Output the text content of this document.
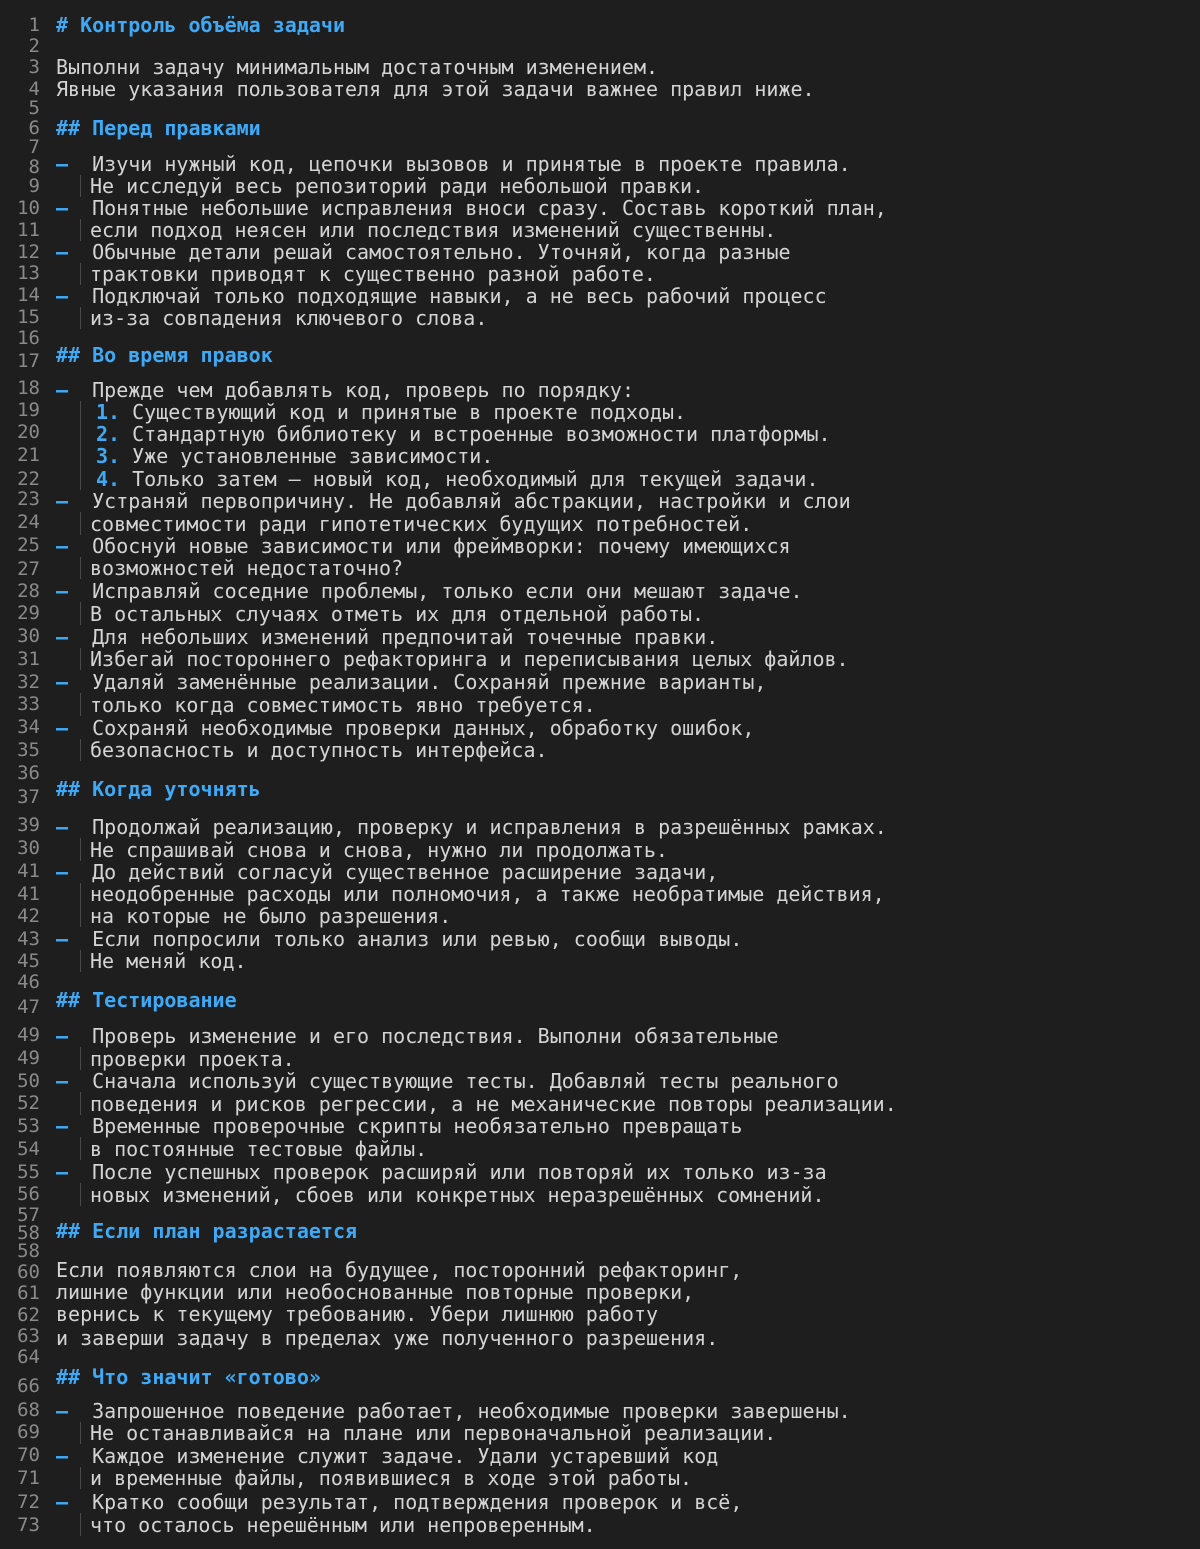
1
2
3
4
5
6
7
8
9
10
11
12
13
14
15
16
17
18
19
20
21
22
23
24
25
27
28
29
30
31
32
33
34
35
36
37
39
30
41
41
42
43
45
46
47
49
49
50
52
53
54
55
56
57
58
58
60
61
62
63
64
66
68
69
70
71
72
73
# Контроль объёма задачи
Выполни задачу минимальным достаточным изменением.
Явные указания пользователя для этой задачи важнее правил ниже.
## Перед правками
– Изучи нужный код, цепочки вызовов и принятые в проекте правила.
Не исследуй весь репозиторий ради небольшой правки.
– Понятные небольшие исправления вноси сразу. Составь короткий план,
если подход неясен или последствия изменений существенны.
– Обычные детали решай самостоятельно. Уточняй, когда разные
трактовки приводят к существенно разной работе.
– Подключай только подходящие навыки, а не весь рабочий процесс
из-за совпадения ключевого слова.
## Во время правок
– Прежде чем добавлять код, проверь по порядку:
1. Существующий код и принятые в проекте подходы.
2. Стандартную библиотеку и встроенные возможности платформы.
3. Уже установленные зависимости.
4. Только затем — новый код, необходимый для текущей задачи.
– Устраняй первопричину. Не добавляй абстракции, настройки и слои
совместимости ради гипотетических будущих потребностей.
– Обоснуй новые зависимости или фреймворки: почему имеющихся
возможностей недостаточно?
– Исправляй соседние проблемы, только если они мешают задаче.
В остальных случаях отметь их для отдельной работы.
– Для небольших изменений предпочитай точечные правки.
Избегай постороннего рефакторинга и переписывания целых файлов.
– Удаляй заменённые реализации. Сохраняй прежние варианты,
только когда совместимость явно требуется.
– Сохраняй необходимые проверки данных, обработку ошибок,
безопасность и доступность интерфейса.
## Когда уточнять
– Продолжай реализацию, проверку и исправления в разрешённых рамках.
Не спрашивай снова и снова, нужно ли продолжать.
– До действий согласуй существенное расширение задачи,
неодобренные расходы или полномочия, а также необратимые действия,
на которые не было разрешения.
– Если попросили только анализ или ревью, сообщи выводы.
Не меняй код.
## Тестирование
– Проверь изменение и его последствия. Выполни обязательные
проверки проекта.
– Сначала используй существующие тесты. Добавляй тесты реального
поведения и рисков регрессии, а не механические повторы реализации.
– Временные проверочные скрипты необязательно превращать
в постоянные тестовые файлы.
– После успешных проверок расширяй или повторяй их только из-за
новых изменений, сбоев или конкретных неразрешённых сомнений.
## Если план разрастается
Если появляются слои на будущее, посторонний рефакторинг,
лишние функции или необоснованные повторные проверки,
вернись к текущему требованию. Убери лишнюю работу
и заверши задачу в пределах уже полученного разрешения.
## Что значит «готово»
– Запрошенное поведение работает, необходимые проверки завершены.
Не останавливайся на плане или первоначальной реализации.
– Каждое изменение служит задаче. Удали устаревший код
и временные файлы, появившиеся в ходе этой работы.
– Кратко сообщи результат, подтверждения проверок и всё,
что осталось нерешённым или непроверенным.
